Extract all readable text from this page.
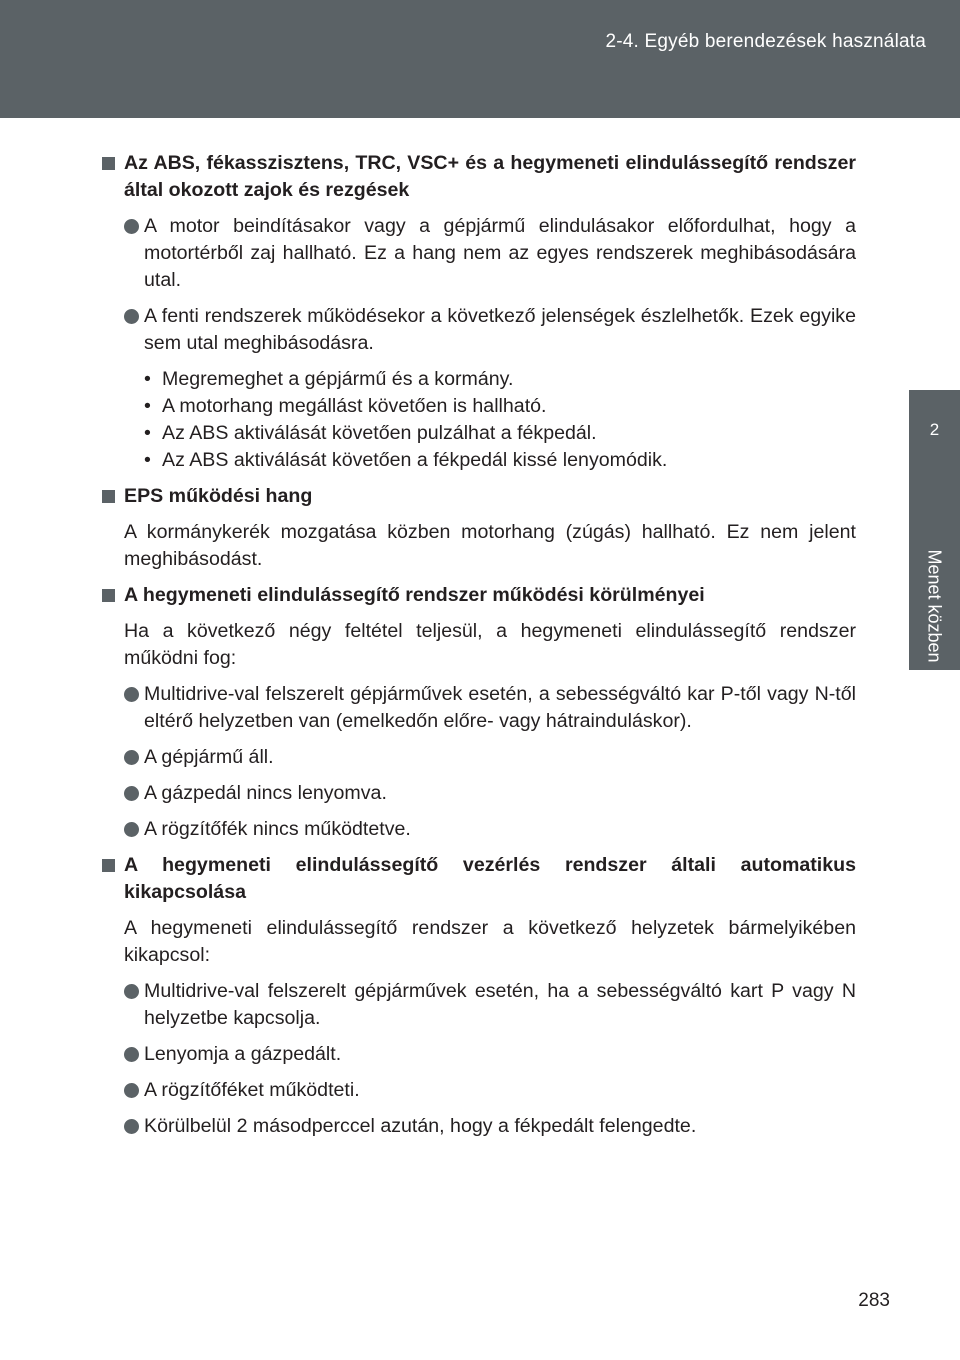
2-4. Egyéb berendezések használata
2
Menet közben
Az ABS, fékasszisztens, TRC, VSC+ és a hegymeneti elindulássegítő rendszer által okozott zajok és rezgések
A motor beindításakor vagy a gépjármű elindulásakor előfordulhat, hogy a motortérből zaj hallható. Ez a hang nem az egyes rendszerek meghibásodására utal.
A fenti rendszerek működésekor a következő jelenségek észlelhetők. Ezek egyike sem utal meghibásodásra.
• Megremeghet a gépjármű és a kormány.
• A motorhang megállást követően is hallható.
• Az ABS aktiválását követően pulzálhat a fékpedál.
• Az ABS aktiválását követően a fékpedál kissé lenyomódik.
EPS működési hang
A kormánykerék mozgatása közben motorhang (zúgás) hallható. Ez nem jelent meghibásodást.
A hegymeneti elindulássegítő rendszer működési körülményei
Ha a következő négy feltétel teljesül, a hegymeneti elindulássegítő rendszer működni fog:
Multidrive-val felszerelt gépjárművek esetén, a sebességváltó kar P-től vagy N-től eltérő helyzetben van (emelkedőn előre- vagy hátrainduláskor).
A gépjármű áll.
A gázpedál nincs lenyomva.
A rögzítőfék nincs működtetve.
A hegymeneti elindulássegítő vezérlés rendszer általi automatikus kikapcsolása
A hegymeneti elindulássegítő rendszer a következő helyzetek bármelyikében kikapcsol:
Multidrive-val felszerelt gépjárművek esetén, ha a sebességváltó kart P vagy N helyzetbe kapcsolja.
Lenyomja a gázpedált.
A rögzítőféket működteti.
Körülbelül 2 másodperccel azután, hogy a fékpedált felengedte.
283
